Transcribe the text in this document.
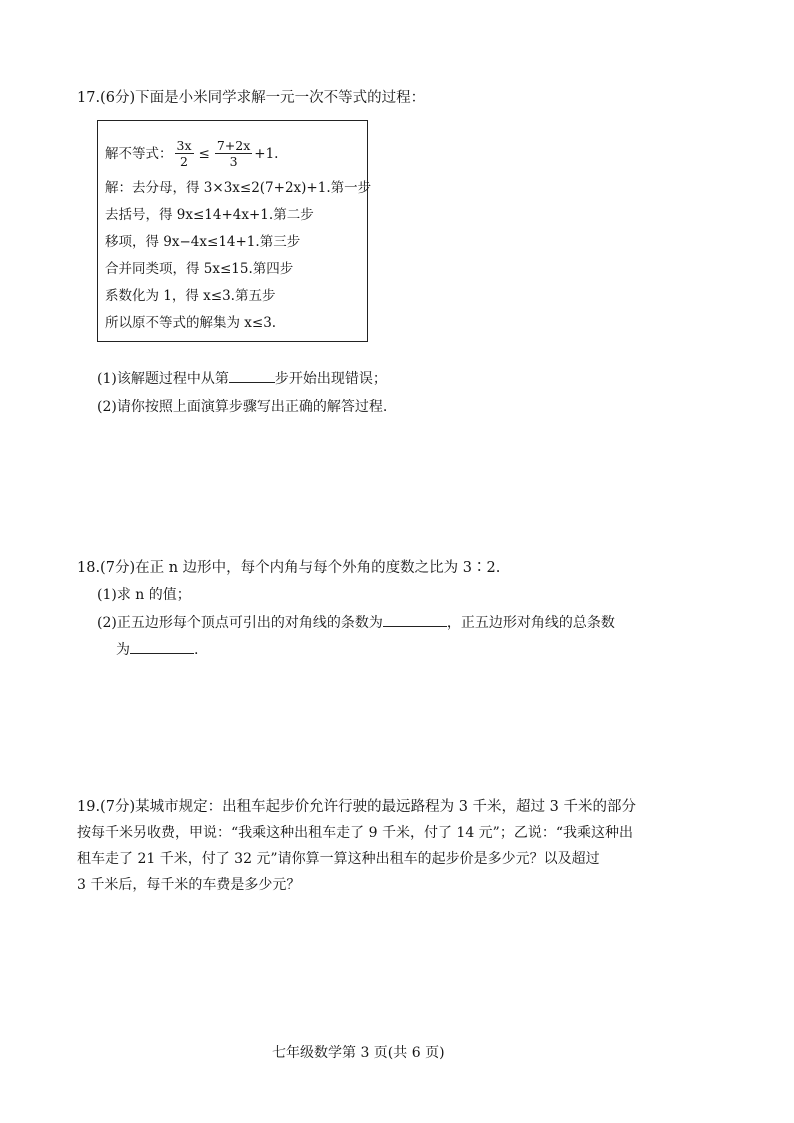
17.(6分)下面是小米同学求解一元一次不等式的过程：
解不等式： $\frac{3x}{2} \le \frac{7+2x}{3} +1$.
解：去分母，得 3×3x≤2(7+2x)+1.第一步
去括号，得 9x≤14+4x+1.第二步
移项，得 9x−4x≤14+1.第三步
合并同类项，得 5x≤15.第四步
系数化为 1，得 x≤3.第五步
所以原不等式的解集为 x≤3.
(1)该解题过程中从第	步开始出现错误；
(2)请你按照上面演算步骤写出正确的解答过程.
18.(7分)在正 n 边形中，每个内角与每个外角的度数之比为 3∶2.
(1)求 n 的值；
(2)正五边形每个顶点可引出的对角线的条数为	，正五边形对角线的总条数
为	.
19.(7分)某城市规定：出租车起步价允许行驶的最远路程为 3 千米，超过 3 千米的部分
按每千米另收费，甲说：“我乘这种出租车走了 9 千米，付了 14 元”；乙说：“我乘这种出
租车走了 21 千米，付了 32 元”请你算一算这种出租车的起步价是多少元？以及超过
3 千米后，每千米的车费是多少元？
七年级数学第 3 页(共 6 页)
